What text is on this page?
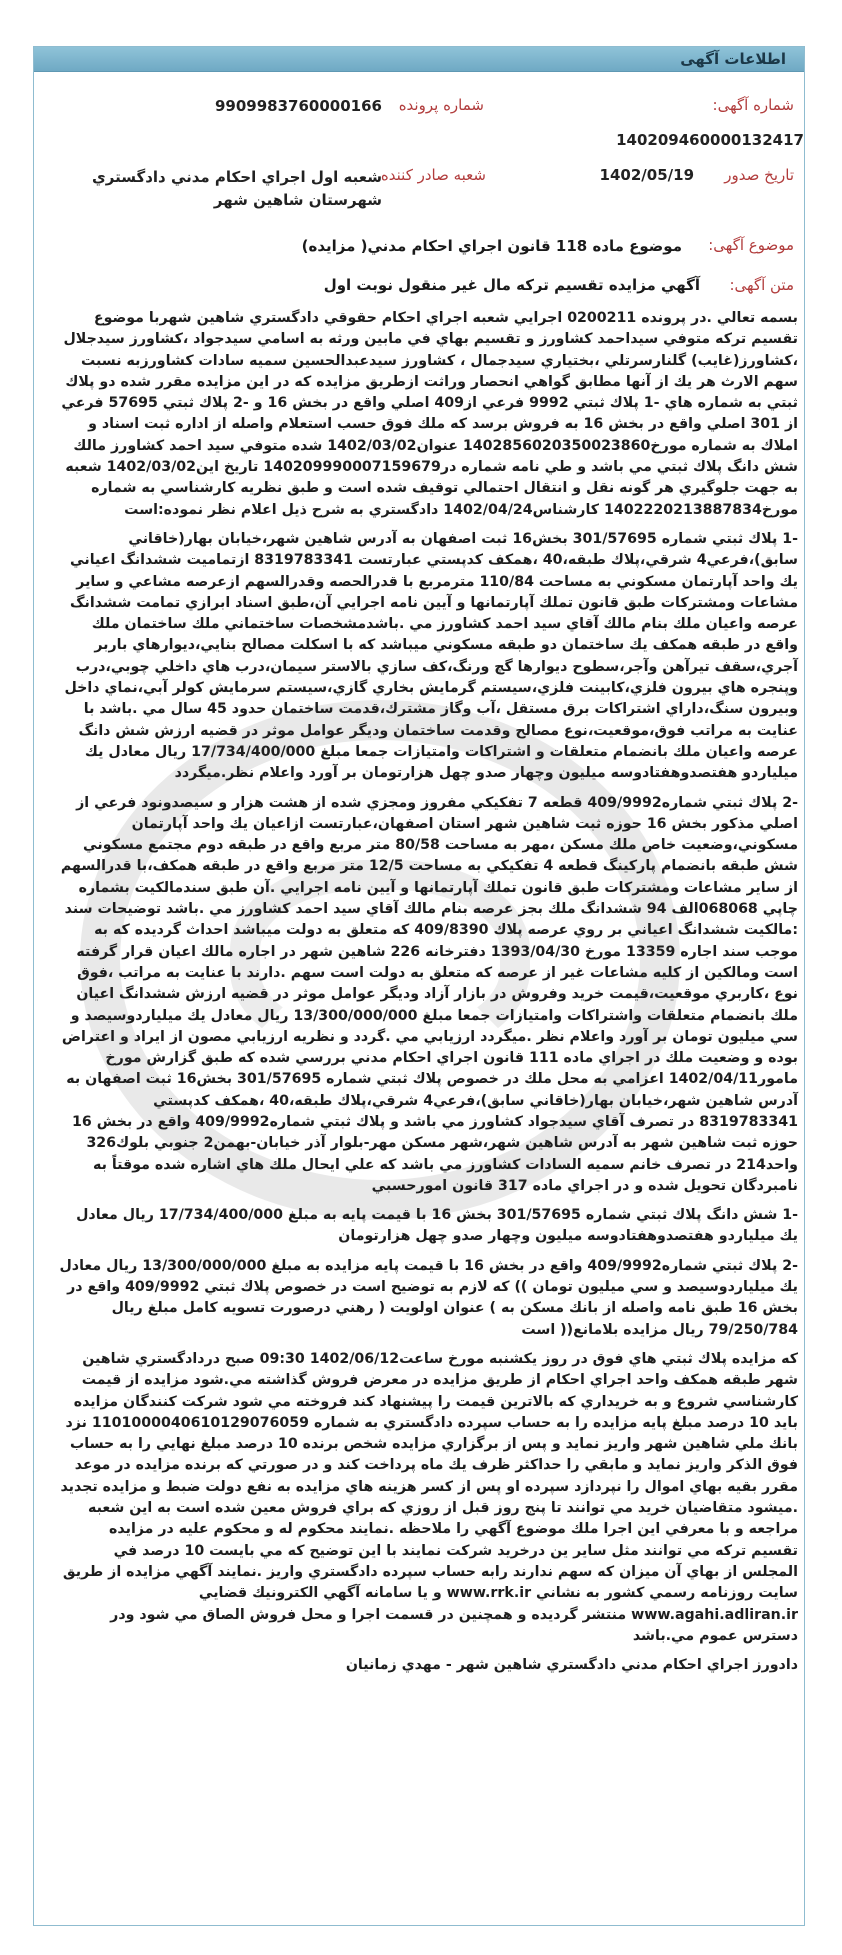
اطلاعات آگهی
شماره آگهی:
140209460000132417
شماره پرونده
9909983760000166
تاریخ صدور
1402/05/19
شعبه صادر کننده
شعبه اول اجراي احكام مدني دادگستري
شهرستان شاهين شهر
موضوع آگهی:
موضوع ماده 118 قانون اجراي احكام مدني( مزايده)
متن آگهی:
آگهي مزايده تقسيم تركه مال غير منقول نوبت اول

بسمه تعالي .در پرونده 0200211 اجرايي شعبه اجراي احكام حقوقي دادگستري شاهين شهربا موضوع تقسيم تركه متوفي سيداحمد كشاورز و تقسيم بهاي في مابين ورثه به اسامي سيدجواد ،كشاورز سيدجلال ،كشاورز(غايب) گلنارسرتلي ،بختياري سيدجمال ، كشاورز سيدعبدالحسين سميه سادات كشاورزبه نسبت سهم الارث هر يك از آنها مطابق گواهي انحصار وراثت ازطريق مزايده كه در اين مزايده مقرر شده دو پلاك ثبتي به شماره هاي -1 پلاك ثبتي 9992 فرعي از409 اصلي واقع در بخش 16 و -2 پلاك ثبتي 57695 فرعي از 301 اصلي واقع در بخش 16 به فروش برسد كه ملك فوق حسب استعلام واصله از اداره ثبت اسناد و املاك به شماره مورخ1402856020350023860 عنوان1402/03/02 شده متوفي سيد احمد كشاورز مالك شش دانگ پلاك ثبتي مي باشد و طي نامه شماره در140209990007159679 تاريخ اين1402/03/02 شعبه به جهت جلوگيري هر گونه نقل و انتقال احتمالي توقيف شده است و طبق نظريه كارشناسي به شماره مورخ1402220213887834 كارشناس1402/04/24 دادگستري به شرح ذيل اعلام نظر نموده:است

-1 پلاك ثبتي شماره 301/57695 بخش16 ثبت اصفهان به آدرس شاهين شهر،خيابان بهار(خاقاني سابق)،فرعي4 شرقي،پلاك طبقه،40 ،همكف كدپستي عبارتست 8319783341 ازتماميت ششدانگ اعياني يك واحد آپارتمان مسكوني به مساحت 110/84 مترمربع با قدرالحصه وقدرالسهم ازعرصه مشاعي و ساير مشاعات ومشتركات طبق قانون تملك آپارتمانها و آيين نامه اجرايي آن،طبق اسناد ابرازي تمامت ششدانگ عرصه واعيان ملك بنام مالك آقاي سيد احمد كشاورز مي .باشدمشخصات ساختماني ملك ساختمان ملك واقع در طبقه همكف يك ساختمان دو طبقه مسكوني ميباشد كه با اسكلت مصالح بنايي،ديوارهاي باربر آجري،سقف تيرآهن وآجر،سطوح ديوارها گچ ورنگ،كف سازي بالاستر سيمان،درب هاي داخلي چوبي،درب وپنجره هاي بيرون فلزي،كابينت فلزي،سيستم گرمايش بخاري گازي،سيستم سرمايش كولر آبي،نماي داخل وبيرون سنگ،داراي اشتراكات برق مستقل ،آب وگاز مشترك،قدمت ساختمان حدود 45 سال مي .باشد با عنايت به مراتب فوق،موقعيت،نوع مصالح وقدمت ساختمان ودیگر عوامل موثر در قضيه ارزش شش دانگ عرصه واعيان ملك بانضمام متعلقات و اشتراكات وامتيازات جمعا مبلغ 17/734/400/000 ريال معادل يك ميلياردو هفتصدوهفتادوسه ميليون وچهار صدو چهل هزارتومان بر آورد واعلام نظر.ميگردد

-2 پلاك ثبتي شماره409/9992 قطعه 7 تفكيكي مفروز ومجزي شده از هشت هزار و سيصدونود فرعي از اصلي مذكور بخش 16 حوزه ثبت شاهين شهر استان اصفهان،عبارتست ازاعيان يك واحد آپارتمان مسكوني،وضعيت خاص ملك مسكن ،مهر به مساحت 80/58 متر مربع واقع در طبقه دوم مجتمع مسكوني شش طبقه بانضمام پاركينگ قطعه 4 تفكيكي به مساحت 12/5 متر مربع واقع در طبقه همكف،با قدرالسهم از ساير مشاعات ومشتركات طبق قانون تملك آپارتمانها و آيين نامه اجرايي .آن طبق سندمالكيت بشماره چاپي 068068الف 94 ششدانگ ملك بجز عرصه بنام مالك آقاي سيد احمد كشاورز مي .باشد توضيحات سند :مالكيت ششدانگ اعياني بر روي عرصه پلاك 409/8390 كه متعلق به دولت ميباشد احداث گرديده كه به موجب سند اجاره 13359 مورخ 1393/04/30 دفترخانه 226 شاهين شهر در اجاره مالك اعيان قرار گرفته است ومالكين از كليه مشاعات غير از عرصه كه متعلق به دولت است سهم .دارند با عنايت به مراتب ،فوق نوع ،كاربري موقعيت،قيمت خريد وفروش در بازار آزاد ودیگر عوامل موثر در قضيه ارزش ششدانگ اعيان ملك بانضمام متعلقات واشتراكات وامتيازات جمعا مبلغ 13/300/000/000 ريال معادل يك ميلياردوسيصد و سي ميليون تومان بر آورد واعلام نظر .ميگردد ارزيابي مي .گردد و نظريه ارزيابي مصون از ايراد و اعتراض بوده و وضعيت ملك در اجراي ماده 111 قانون اجراي احكام مدني بررسي شده كه طبق گزارش مورخ مامور1402/04/11 اعزامي به محل ملك در خصوص پلاك ثبتي شماره 301/57695 بخش16 ثبت اصفهان به آدرس شاهين شهر،خيابان بهار(خاقاني سابق)،فرعي4 شرقي،پلاك طبقه،40 ،همكف كدپستي 8319783341 در تصرف آقاي سيدجواد كشاورز مي باشد و پلاك ثبتي شماره409/9992 واقع در بخش 16 حوزه ثبت شاهين شهر به آدرس شاهين شهر،شهر مسكن مهر-بلوار آذر خيابان-بهمن2 جنوبي بلوك326 واحد214 در تصرف خانم سميه السادات كشاورز مي باشد كه علي ايحال ملك هاي اشاره شده موقتاً به نامبردگان تحويل شده و در اجراي ماده 317 قانون امورحسبي

-1 شش دانگ پلاك ثبتي شماره 301/57695 بخش 16 با قيمت پايه به مبلغ 17/734/400/000 ريال معادل يك ميلياردو هفتصدوهفتادوسه ميليون وچهار صدو چهل هزارتومان

-2 پلاك ثبتي شماره409/9992 واقع در بخش 16 با قيمت پايه مزايده به مبلغ 13/300/000/000 ريال معادل يك ميلياردوسيصد و سي ميليون تومان )) كه لازم به توضيح است در خصوص پلاك ثبتي 409/9992 واقع در بخش 16 طبق نامه واصله از بانك مسكن به ) عنوان اولويت ( رهني درصورت تسويه كامل مبلغ ريال 79/250/784 ريال مزايده بلامانع(( است

كه مزايده پلاك ثبتي هاي فوق در روز يكشنبه مورخ ساعت1402/06/12 09:30 صبح دردادگستري شاهين شهر طبقه همكف واحد اجراي احكام از طريق مزايده در معرض فروش گذاشته مي.شود مزايده از قيمت كارشناسي شروع و به خريداري كه بالاترين قيمت را پيشنهاد كند فروخته مي شود شركت كنندگان مزايده بايد 10 درصد مبلغ پايه مزايده را به حساب سپرده دادگستري به شماره 1101000040610129076059 نزد بانك ملي شاهين شهر واريز نمايد و پس از برگزاري مزايده شخص برنده 10 درصد مبلغ نهايي را به حساب فوق الذكر واريز نمايد و مابقي را حداكثر ظرف يك ماه پرداخت كند و در صورتي كه برنده مزايده در موعد مقرر بقيه بهاي اموال را نپردازد سپرده او پس از كسر هزينه هاي مزايده به نفع دولت ضبط و مزايده تجديد .ميشود متقاضيان خريد مي توانند تا پنج روز قبل از روزي كه براي فروش معين شده است به اين شعبه مراجعه و با معرفي اين اجرا ملك موضوع آگهي را ملاحظه .نمايند محكوم له و محكوم عليه در مزايده تقسيم تركه مي توانند مثل ساير ين درخريد شركت نمايند با اين توضيح كه مي بايست 10 درصد في المجلس از بهاي آن ميزان كه سهم ندارند رابه حساب سپرده دادگستري واريز .نمايند آگهي مزايده از طريق سايت روزنامه رسمي كشور به نشاني www.rrk.ir و يا سامانه آگهي الكترونيك قضايي www.agahi.adliran.ir منتشر گرديده و همچنين در قسمت اجرا و محل فروش الصاق مي شود ودر دسترس عموم مي.باشد

دادورز اجراي احكام مدني دادگستري شاهين شهر - مهدي زمانيان
